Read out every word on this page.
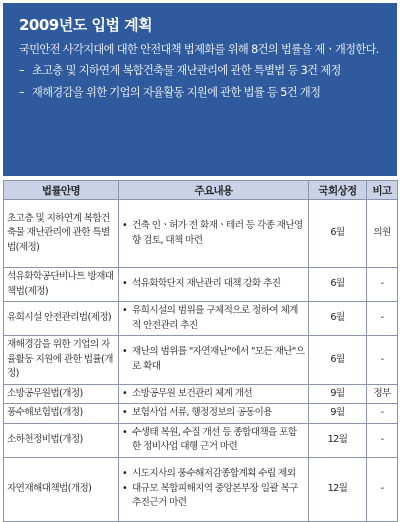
2009년도 입법 계획
국민안전 사각지대에 대한 안전대책 법제화를 위해 8건의 법률을 제ㆍ개정한다.
– 초고층 및 지하연계 복합건축물 재난관리에 관한 특별법 등 3건 제정
– 재해경감을 위한 기업의 자율활동 지원에 관한 법률 등 5건 개정
법률안명	주요내용	국회상정	비고
초고층 및 지하연계 복합건축물 재난관리에 관한 특별법(제정)	• 건축 인ㆍ허가 전 화재ㆍ테러 등 각종 재난영향 검토, 대책 마련	6월	의원
석유화학공단비나트 방재대책법(제정)	• 석유화학단지 재난관리 대책 강화 추진	6월	-
유희시설 안전관리법(제정)	• 유희시설의 범위를 구체적으로 정하여 체계적 안전관리 추진	6월	-
재해경감을 위한 기업의 자율활동 지원에 관한 법률(개정)	• 재난의 범위를 "자연재난"에서 "모든 재난"으로 확대	6월	-
소방공무원법(개정)	• 소방공무원 보건관리 체계 개선	9월	정부
풍수해보험법(개정)	• 보험사업 서류, 행정정보의 공동이용	9월	-
소하천정비법(개정)	• 수생태 복원, 수질 개선 등 종합대책을 포함한 정비사업 대행 근거 마련	12월	-
자연재해대책법(개정)	• 시도지사의 풍수해저감종합계획 수립 제외
• 대규모 복합피해지역 중앙본부장 일괄 복구 추진근거 마련	12월	-
